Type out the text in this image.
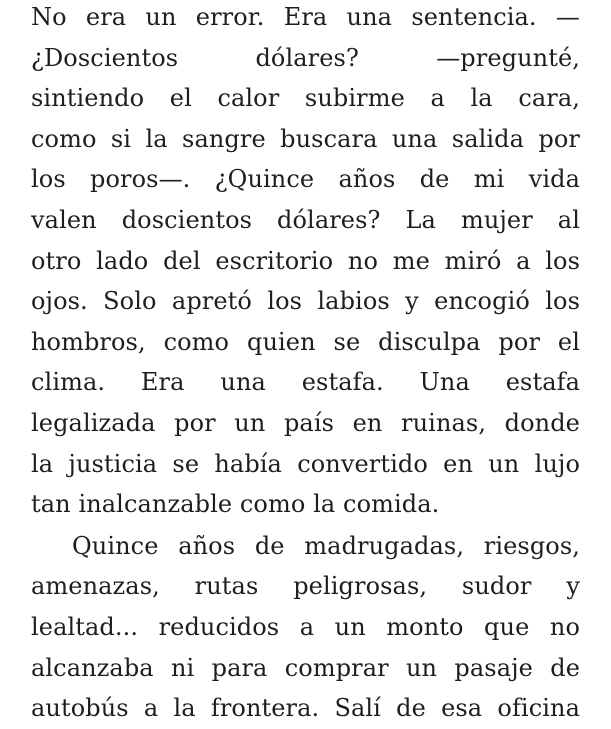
No era un error. Era una sentencia. —
¿Doscientos dólares? —pregunté,
sintiendo el calor subirme a la cara,
como si la sangre buscara una salida por
los poros—. ¿Quince años de mi vida
valen doscientos dólares? La mujer al
otro lado del escritorio no me miró a los
ojos. Solo apretó los labios y encogió los
hombros, como quien se disculpa por el
clima. Era una estafa. Una estafa
legalizada por un país en ruinas, donde
la justicia se había convertido en un lujo
tan inalcanzable como la comida.
Quince años de madrugadas, riesgos,
amenazas, rutas peligrosas, sudor y
lealtad... reducidos a un monto que no
alcanzaba ni para comprar un pasaje de
autobús a la frontera. Salí de esa oficina
